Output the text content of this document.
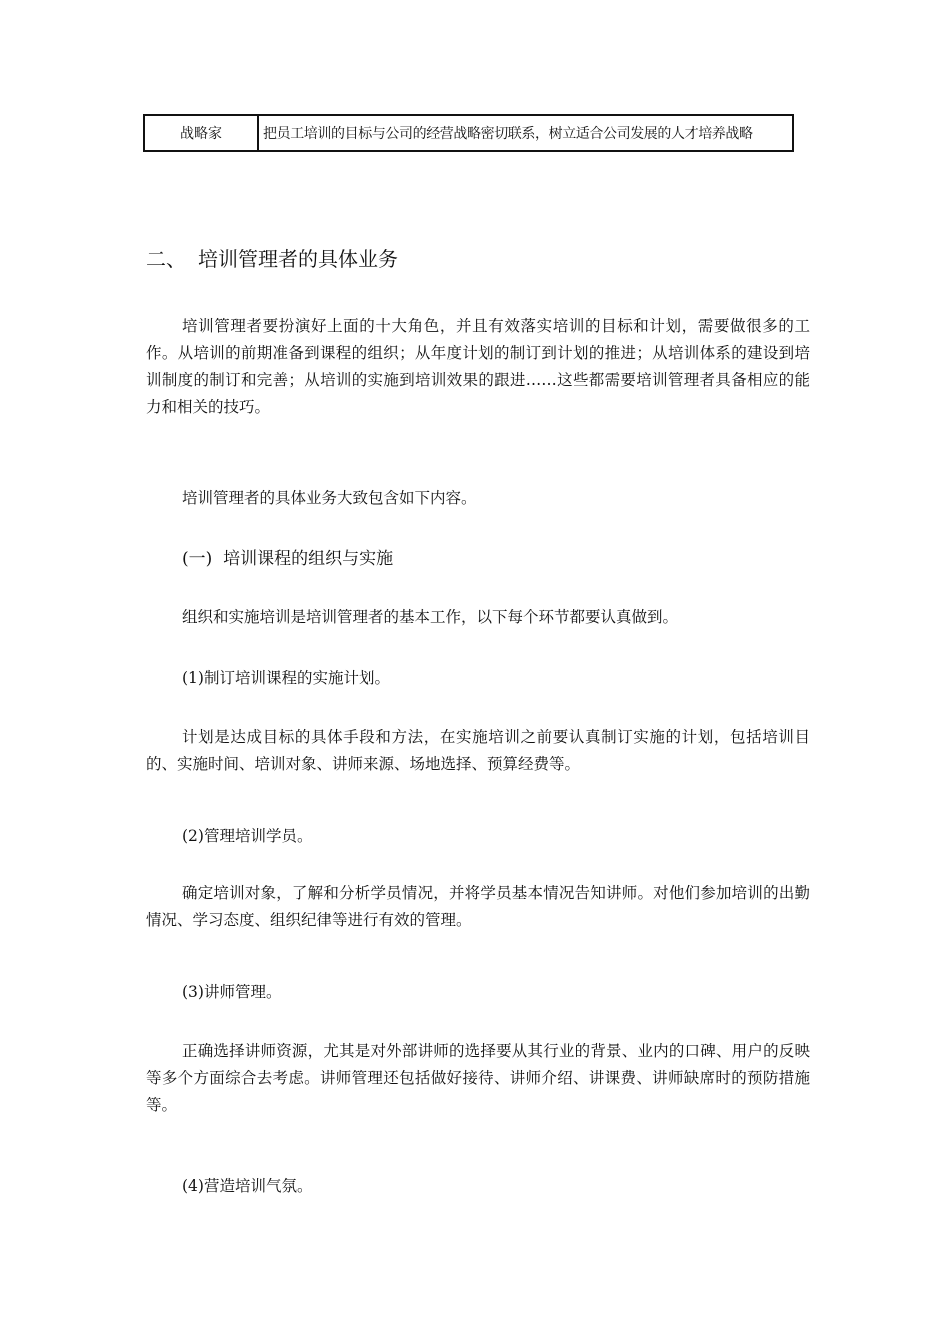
战略家	把员工培训的目标与公司的经营战略密切联系，树立适合公司发展的人才培养战略
二、 培训管理者的具体业务

培训管理者要扮演好上面的十大角色，并且有效落实培训的目标和计划，需要做很多的工作。从培训的前期准备到课程的组织；从年度计划的制订到计划的推进；从培训体系的建设到培训制度的制订和完善；从培训的实施到培训效果的跟进……这些都需要培训管理者具备相应的能力和相关的技巧。

培训管理者的具体业务大致包含如下内容。

(一) 培训课程的组织与实施

组织和实施培训是培训管理者的基本工作，以下每个环节都要认真做到。

(1)制订培训课程的实施计划。

计划是达成目标的具体手段和方法，在实施培训之前要认真制订实施的计划，包括培训目的、实施时间、培训对象、讲师来源、场地选择、预算经费等。

(2)管理培训学员。

确定培训对象，了解和分析学员情况，并将学员基本情况告知讲师。对他们参加培训的出勤情况、学习态度、组织纪律等进行有效的管理。

(3)讲师管理。

正确选择讲师资源，尤其是对外部讲师的选择要从其行业的背景、业内的口碑、用户的反映等多个方面综合去考虑。讲师管理还包括做好接待、讲师介绍、讲课费、讲师缺席时的预防措施等。

(4)营造培训气氛。
